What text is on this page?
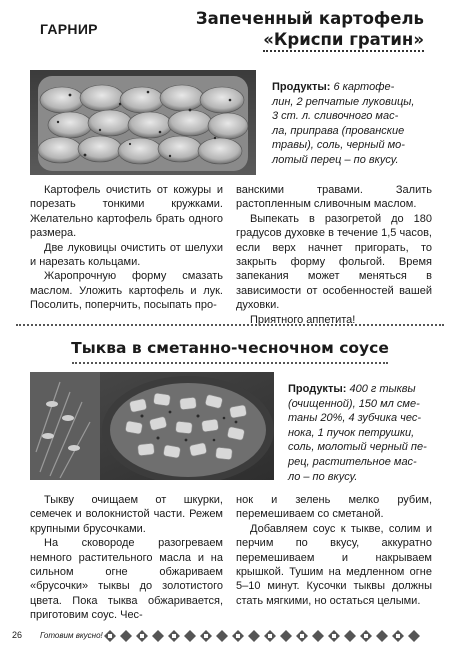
ГАРНИР
Запеченный картофель
«Криспи гратин»
Продукты: 6 картофе-
лин, 2 репчатые луковицы,
3 ст. л. сливочного мас-
ла, приправа (прованские
травы), соль, черный мо-
лотый перец – по вкусу.

Картофель очистить от кожуры и порезать тонкими кружками. Желательно картофель брать одного размера.

Две луковицы очистить от шелухи и нарезать кольцами.

Жаропрочную форму смазать маслом. Уложить картофель и лук. Посолить, поперчить, посыпать про-

ванскими травами. Залить растопленным сливочным маслом.

Выпекать в разогретой до 180 градусов духовке в течение 1,5 часов, если верх начнет пригорать, то закрыть форму фольгой. Время запекания может меняться в зависимости от особенностей вашей духовки.

Приятного аппетита!

Тыква в сметанно-чесночном соусе
Продукты: 400 г тыквы
(очищенной), 150 мл сме-
таны 20%, 4 зубчика чес-
нока, 1 пучок петрушки,
соль, молотый черный пе-
рец, растительное мас-
ло – по вкусу.

Тыкву очищаем от шкурки, семечек и волокнистой части. Режем крупными брусочками.

На сковороде разогреваем немного растительного масла и на сильном огне обжариваем «брусочки» тыквы до золотистого цвета. Пока тыква обжаривается, приготовим соус. Чес-

нок и зелень мелко рубим, перемешиваем со сметаной.

Добавляем соус к тыкве, солим и перчим по вкусу, аккуратно перемешиваем и накрываем крышкой. Тушим на медленном огне 5–10 минут. Кусочки тыквы должны стать мягкими, но остаться целыми.

26 Готовим вкусно!
